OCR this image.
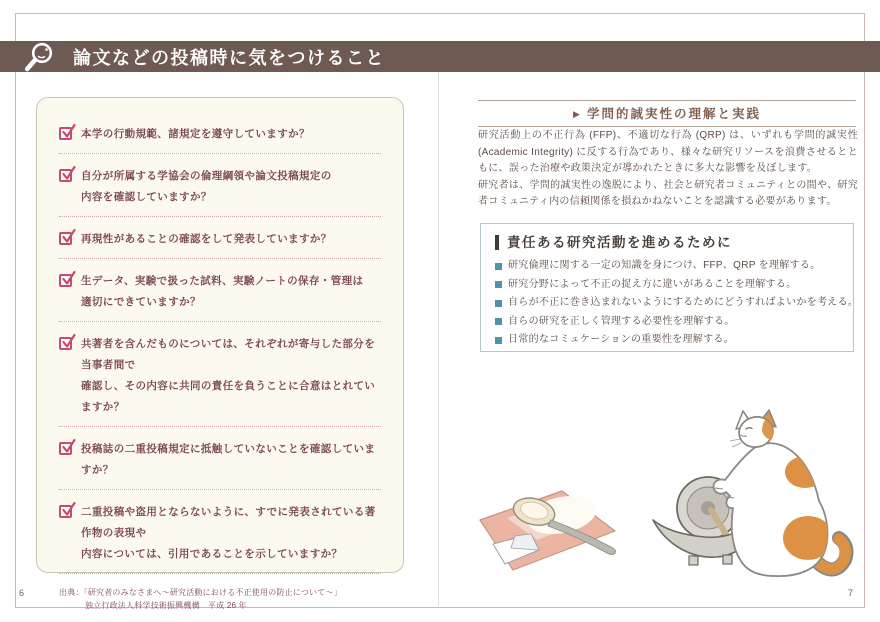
論文などの投稿時に気をつけること
本学の行動規範、諸規定を遵守していますか？
自分が所属する学協会の倫理綱領や論文投稿規定の
内容を確認していますか？
再現性があることの確認をして発表していますか？
生データ、実験で扱った試料、実験ノートの保存・管理は
適切にできていますか？
共著者を含んだものについては、それぞれが寄与した部分を当事者間で
確認し、その内容に共同の責任を負うことに合意はとれていますか？
投稿誌の二重投稿規定に抵触していないことを確認していますか？
二重投稿や盗用とならないように、すでに発表されている著作物の表現や
内容については、引用であることを示していますか？
出典：「研究者のみなさまへ～研究活動における不正使用の防止について～」
独立行政法人科学技術振興機構　平成 26 年
▶ 学問的誠実性の理解と実践

研究活動上の不正行為 (FFP)、不適切な行為 (QRP) は、いずれも学問的誠実性 (Academic Integrity) に反する行為であり、様々な研究リソースを浪費させるとともに、誤った治療や政策決定が導かれたときに多大な影響を及ぼします。

研究者は、学問的誠実性の逸脱により、社会と研究者コミュニティとの間や、研究者コミュニティ内の信頼関係を損ねかねないことを認識する必要があります。

責任ある研究活動を進めるために
研究倫理に関する一定の知識を身につけ、FFP、QRP を理解する。
研究分野によって不正の捉え方に違いがあることを理解する。
自らが不正に巻き込まれないようにするためにどうすればよいかを考える。
自らの研究を正しく管理する必要性を理解する。
日常的なコミュケーションの重要性を理解する。
6	7
